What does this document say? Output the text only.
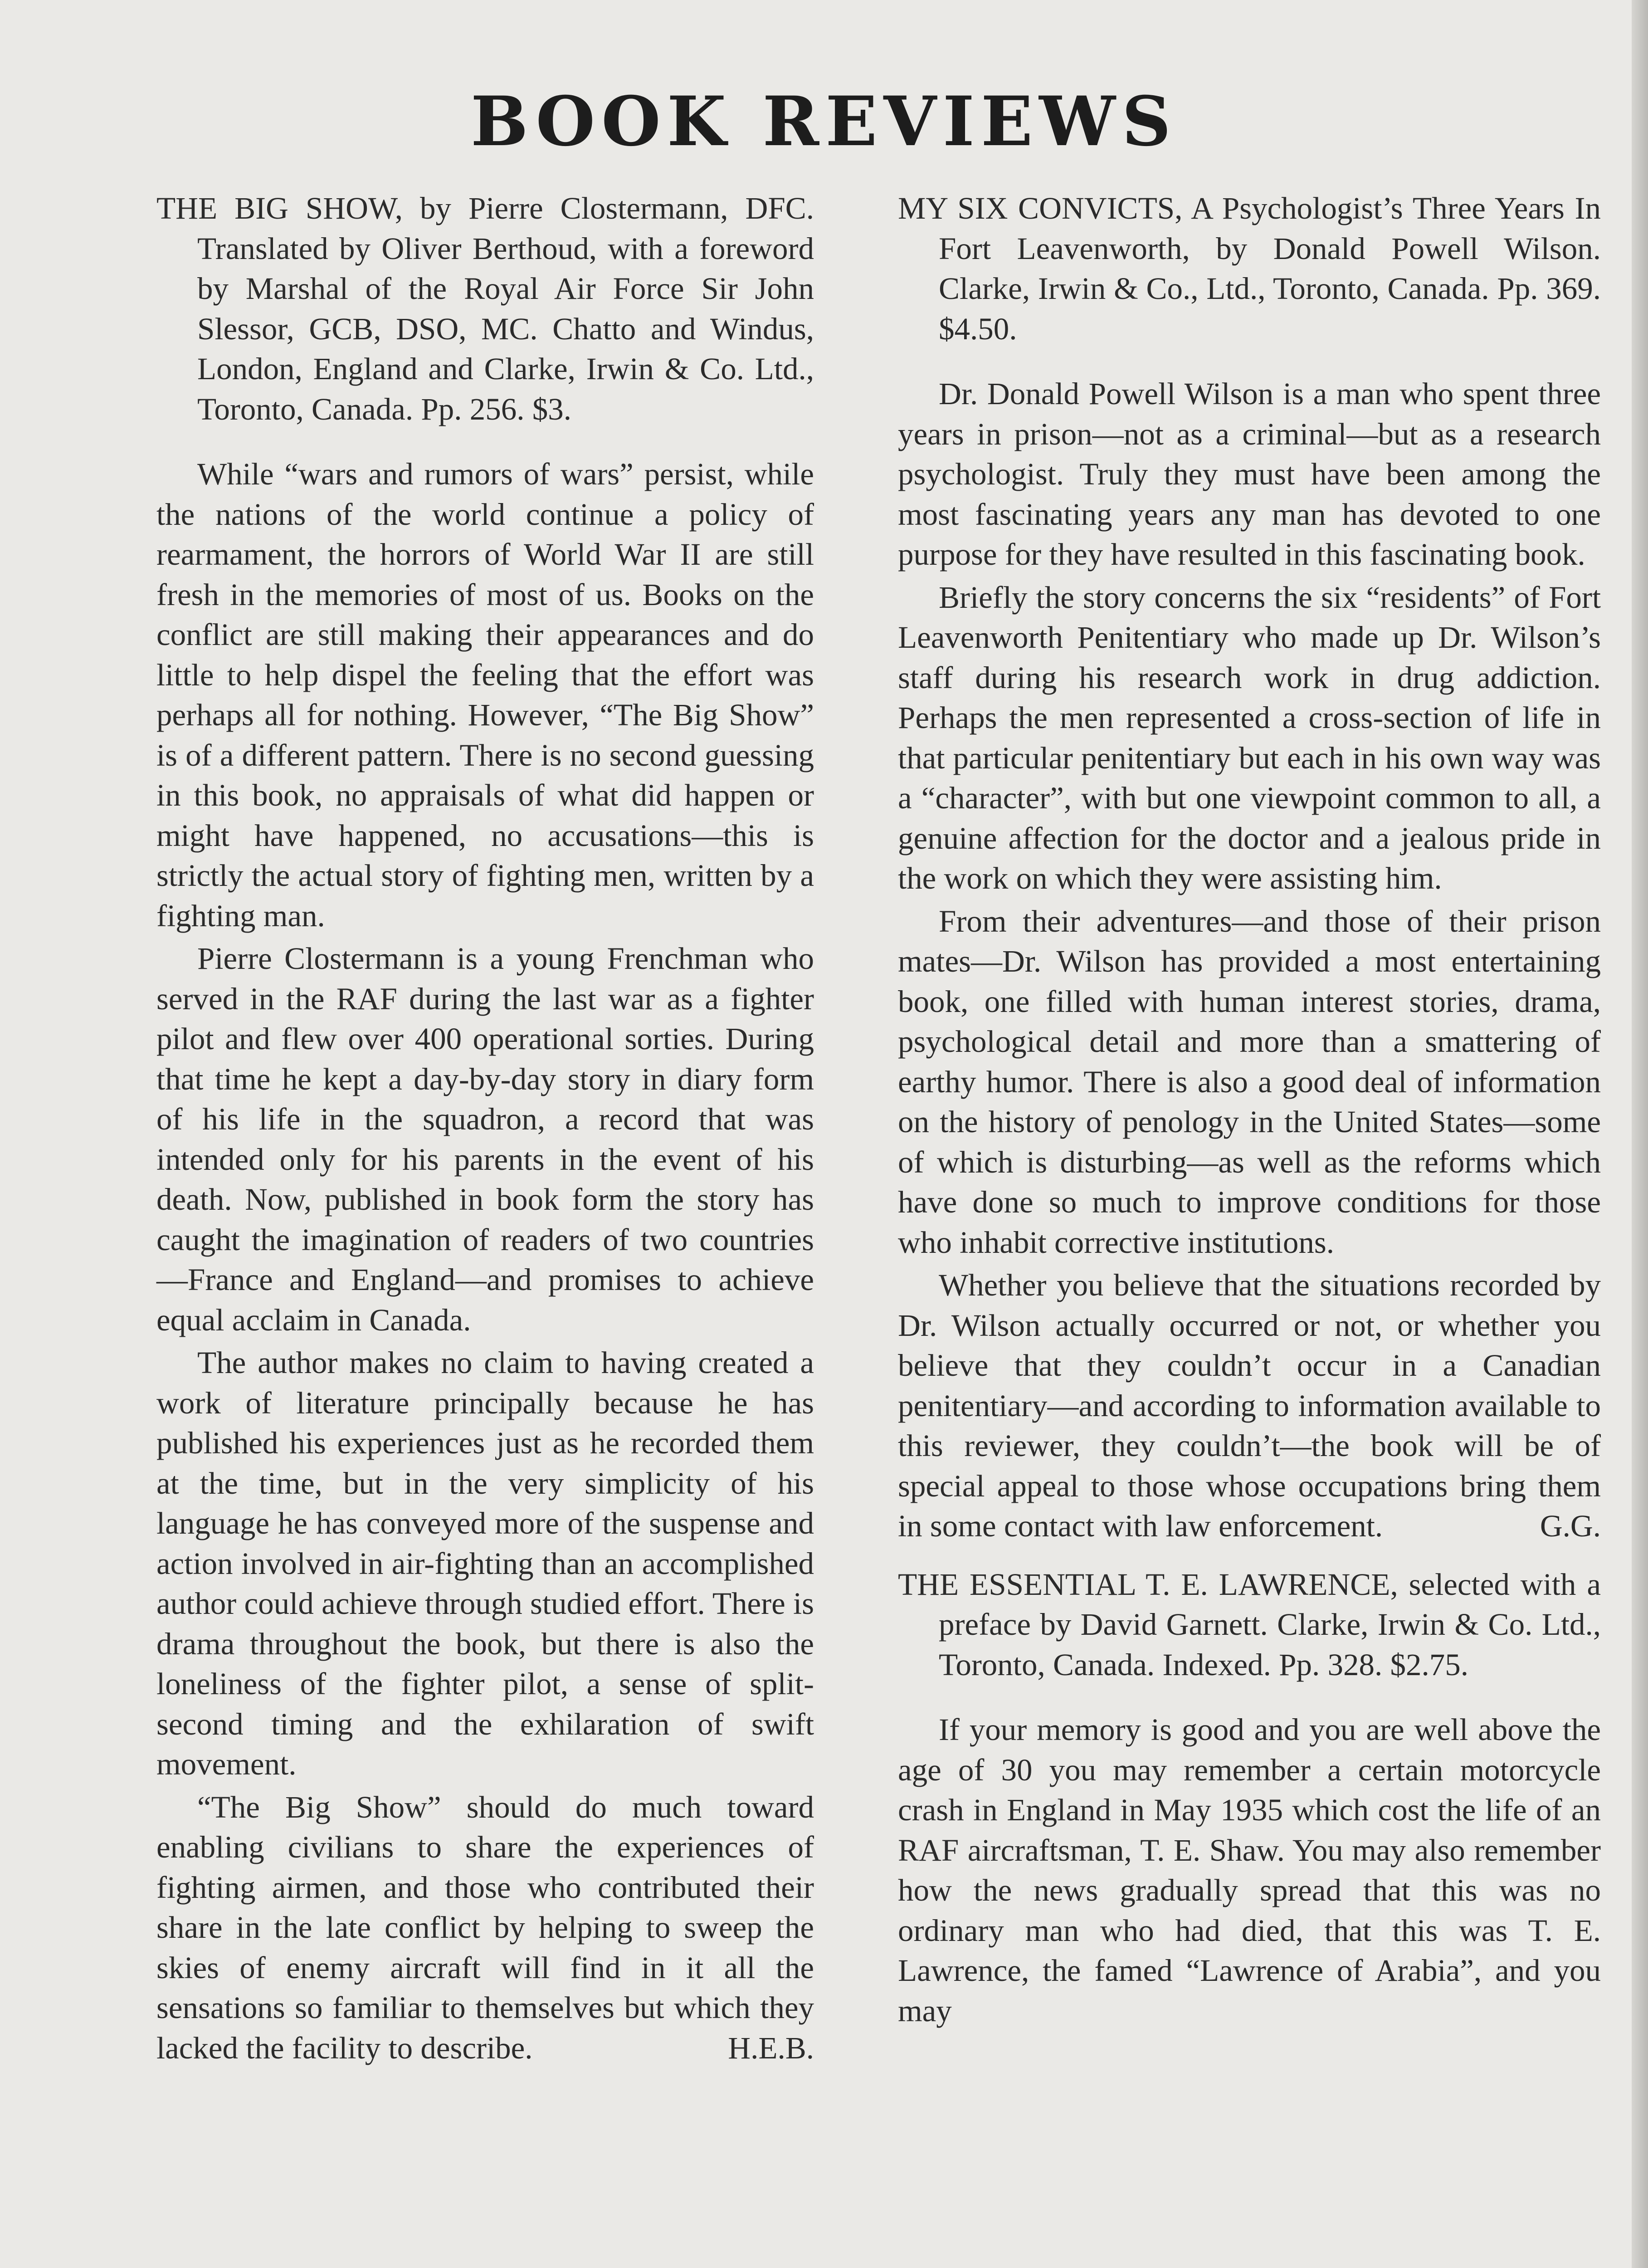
BOOK REVIEWS

THE BIG SHOW, by Pierre Clostermann, DFC. Translated by Oliver Berthoud, with a foreword by Marshal of the Royal Air Force Sir John Slessor, GCB, DSO, MC. Chatto and Windus, London, England and Clarke, Irwin & Co. Ltd., Toronto, Canada. Pp. 256. $3.

While “wars and rumors of wars” persist, while the nations of the world continue a policy of rearmament, the horrors of World War II are still fresh in the memories of most of us. Books on the conflict are still making their appearances and do little to help dispel the feeling that the effort was perhaps all for nothing. However, “The Big Show” is of a different pattern. There is no second guessing in this book, no appraisals of what did happen or might have happened, no accusations—this is strictly the actual story of fighting men, written by a fighting man.

Pierre Clostermann is a young Frenchman who served in the RAF during the last war as a fighter pilot and flew over 400 operational sorties. During that time he kept a day-by-day story in diary form of his life in the squadron, a record that was intended only for his parents in the event of his death. Now, published in book form the story has caught the imagination of readers of two countries—France and England—and promises to achieve equal acclaim in Canada.

The author makes no claim to having created a work of literature principally because he has published his experiences just as he recorded them at the time, but in the very simplicity of his language he has conveyed more of the suspense and action involved in air-fighting than an accomplished author could achieve through studied effort. There is drama throughout the book, but there is also the loneliness of the fighter pilot, a sense of split-second timing and the exhilaration of swift movement.

“The Big Show” should do much toward enabling civilians to share the experiences of fighting airmen, and those who contributed their share in the late conflict by helping to sweep the skies of enemy aircraft will find in it all the sensations so familiar to themselves but which they lacked the facility to describe.	H.E.B.

MY SIX CONVICTS, A Psychologist’s Three Years In Fort Leavenworth, by Donald Powell Wilson. Clarke, Irwin & Co., Ltd., Toronto, Canada. Pp. 369. $4.50.

Dr. Donald Powell Wilson is a man who spent three years in prison—not as a criminal—but as a research psychologist. Truly they must have been among the most fascinating years any man has devoted to one purpose for they have resulted in this fascinating book.

Briefly the story concerns the six “residents” of Fort Leavenworth Penitentiary who made up Dr. Wilson’s staff during his research work in drug addiction. Perhaps the men represented a cross-section of life in that particular penitentiary but each in his own way was a “character”, with but one viewpoint common to all, a genuine affection for the doctor and a jealous pride in the work on which they were assisting him.

From their adventures—and those of their prison mates—Dr. Wilson has provided a most entertaining book, one filled with human interest stories, drama, psychological detail and more than a smattering of earthy humor. There is also a good deal of information on the history of penology in the United States—some of which is disturbing—as well as the reforms which have done so much to improve conditions for those who inhabit corrective institutions.

Whether you believe that the situations recorded by Dr. Wilson actually occurred or not, or whether you believe that they couldn’t occur in a Canadian penitentiary—and according to information available to this reviewer, they couldn’t—the book will be of special appeal to those whose occupations bring them in some contact with law enforcement.	G.G.

THE ESSENTIAL T. E. LAWRENCE, selected with a preface by David Garnett. Clarke, Irwin & Co. Ltd., Toronto, Canada. Indexed. Pp. 328. $2.75.

If your memory is good and you are well above the age of 30 you may remember a certain motorcycle crash in England in May 1935 which cost the life of an RAF aircraftsman, T. E. Shaw. You may also remember how the news gradually spread that this was no ordinary man who had died, that this was T. E. Lawrence, the famed “Lawrence of Arabia”, and you may
